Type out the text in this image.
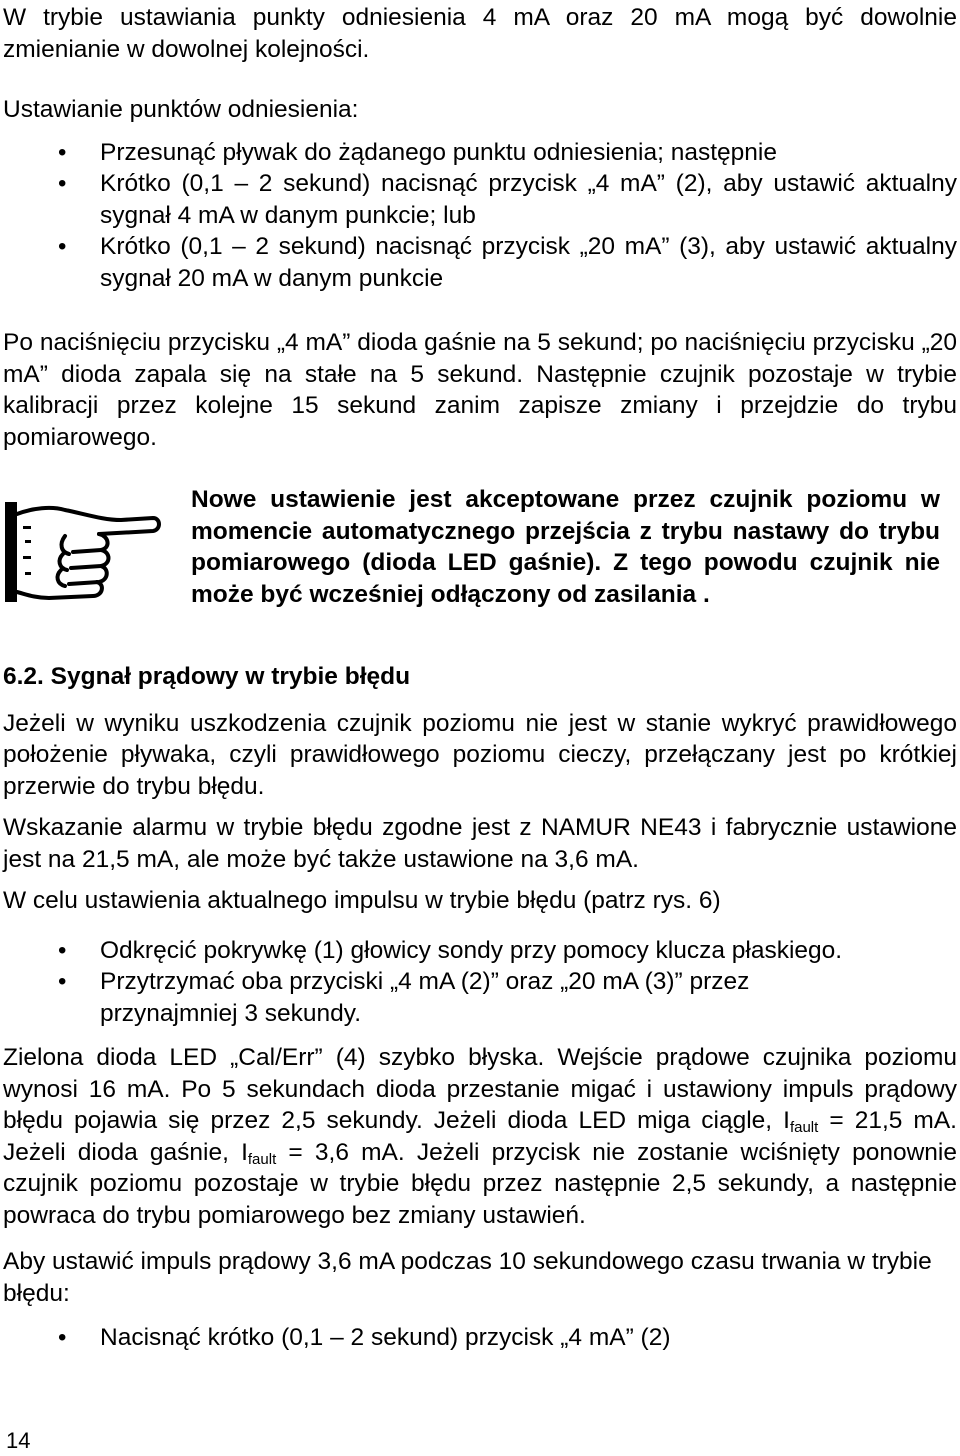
W trybie ustawiania punkty odniesienia 4 mA oraz 20 mA mogą być dowolnie zmienianie w dowolnej kolejności.

Ustawianie punktów odniesienia:

• Przesunąć pływak do żądanego punktu odniesienia; następnie
• Krótko (0,1 – 2 sekund) nacisnąć przycisk „4 mA” (2), aby ustawić aktualny sygnał 4 mA w danym punkcie; lub
• Krótko (0,1 – 2 sekund) nacisnąć przycisk „20 mA” (3), aby ustawić aktualny sygnał 20 mA w danym punkcie

Po naciśnięciu przycisku „4 mA” dioda gaśnie na 5 sekund; po naciśnięciu przycisku „20 mA” dioda zapala się na stałe na 5 sekund. Następnie czujnik pozostaje w trybie kalibracji przez kolejne 15 sekund zanim zapisze zmiany i przejdzie do trybu pomiarowego.

Nowe ustawienie jest akceptowane przez czujnik poziomu w momencie automatycznego przejścia z trybu nastawy do trybu pomiarowego (dioda LED gaśnie). Z tego powodu czujnik nie może być wcześniej odłączony od zasilania .

6.2. Sygnał prądowy w trybie błędu

Jeżeli w wyniku uszkodzenia czujnik poziomu nie jest w stanie wykryć prawidłowego położenie pływaka, czyli prawidłowego poziomu cieczy, przełączany jest po krótkiej przerwie do trybu błędu.

Wskazanie alarmu w trybie błędu zgodne jest z NAMUR NE43 i fabrycznie ustawione jest na 21,5 mA, ale może być także ustawione na 3,6 mA.

W celu ustawienia aktualnego impulsu w trybie błędu (patrz rys. 6)

• Odkręcić pokrywkę (1) głowicy sondy przy pomocy klucza płaskiego.
• Przytrzymać oba przyciski „4 mA (2)” oraz „20 mA (3)” przez przynajmniej 3 sekundy.

Zielona dioda LED „Cal/Err” (4) szybko błyska. Wejście prądowe czujnika poziomu wynosi 16 mA. Po 5 sekundach dioda przestanie migać i ustawiony impuls prądowy błędu pojawia się przez 2,5 sekundy. Jeżeli dioda LED miga ciągle, $I_{fault} = 21,5$ mA. Jeżeli dioda gaśnie, $I_{fault} = 3,6$ mA. Jeżeli przycisk nie zostanie wciśnięty ponownie czujnik poziomu pozostaje w trybie błędu przez następnie 2,5 sekundy, a następnie powraca do trybu pomiarowego bez zmiany ustawień.

Aby ustawić impuls prądowy 3,6 mA podczas 10 sekundowego czasu trwania w trybie błędu:

• Nacisnąć krótko (0,1 – 2 sekund) przycisk „4 mA” (2)
14
